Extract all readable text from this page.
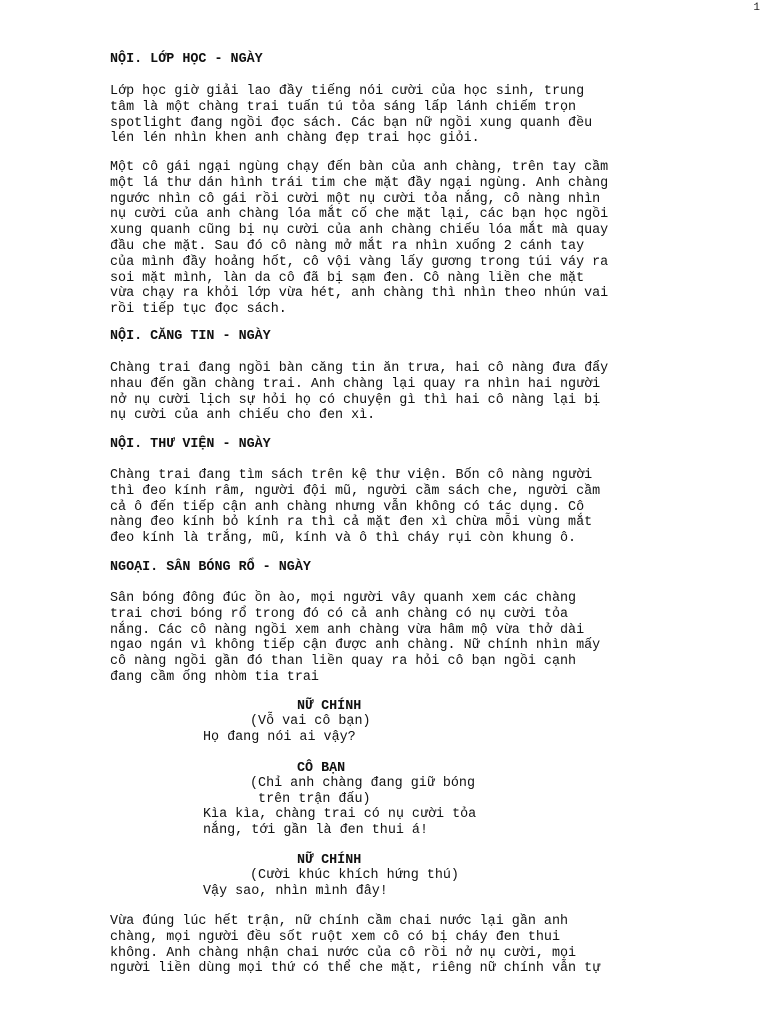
1

NỘI. LỚP HỌC - NGÀY

Lớp học giờ giải lao đầy tiếng nói cười của học sinh, trung
tâm là một chàng trai tuấn tú tỏa sáng lấp lánh chiếm trọn
spotlight đang ngồi đọc sách. Các bạn nữ ngồi xung quanh đều
lén lén nhìn khen anh chàng đẹp trai học giỏi.

Một cô gái ngại ngùng chạy đến bàn của anh chàng, trên tay cầm
một lá thư dán hình trái tim che mặt đầy ngại ngùng. Anh chàng
ngước nhìn cô gái rồi cười một nụ cười tỏa nắng, cô nàng nhìn
nụ cười của anh chàng lóa mắt cố che mặt lại, các bạn học ngồi
xung quanh cũng bị nụ cười của anh chàng chiếu lóa mắt mà quay
đầu che mặt. Sau đó cô nàng mở mắt ra nhìn xuống 2 cánh tay
của mình đầy hoảng hốt, cô vội vàng lấy gương trong túi váy ra
soi mặt mình, làn da cô đã bị sạm đen. Cô nàng liền che mặt
vừa chạy ra khỏi lớp vừa hét, anh chàng thì nhìn theo nhún vai
rồi tiếp tục đọc sách.

NỘI. CĂNG TIN - NGÀY

Chàng trai đang ngồi bàn căng tin ăn trưa, hai cô nàng đưa đẩy
nhau đến gần chàng trai. Anh chàng lại quay ra nhìn hai người
nở nụ cười lịch sự hỏi họ có chuyện gì thì hai cô nàng lại bị
nụ cười của anh chiếu cho đen xì.

NỘI. THƯ VIỆN - NGÀY

Chàng trai đang tìm sách trên kệ thư viện. Bốn cô nàng người
thì đeo kính râm, người đội mũ, người cầm sách che, người cầm
cả ô đến tiếp cận anh chàng nhưng vẫn không có tác dụng. Cô
nàng đeo kính bỏ kính ra thì cả mặt đen xì chừa mỗi vùng mắt
đeo kính là trắng, mũ, kính và ô thì cháy rụi còn khung ô.

NGOẠI. SÂN BÓNG RỔ - NGÀY

Sân bóng đông đúc ồn ào, mọi người vây quanh xem các chàng
trai chơi bóng rổ trong đó có cả anh chàng có nụ cười tỏa
nắng. Các cô nàng ngồi xem anh chàng vừa hâm mộ vừa thở dài
ngao ngán vì không tiếp cận được anh chàng. Nữ chính nhìn mấy
cô nàng ngồi gần đó than liền quay ra hỏi cô bạn ngồi cạnh
đang cầm ống nhòm tia trai

NỮ CHÍNH
(Vỗ vai cô bạn)
Họ đang nói ai vậy?
CÔ BẠN
(Chỉ anh chàng đang giữ bóng
trên trận đấu)
Kìa kìa, chàng trai có nụ cười tỏa
nắng, tới gần là đen thui á!
NỮ CHÍNH
(Cười khúc khích hứng thú)
Vậy sao, nhìn mình đây!

Vừa đúng lúc hết trận, nữ chính cầm chai nước lại gần anh
chàng, mọi người đều sốt ruột xem cô có bị cháy đen thui
không. Anh chàng nhận chai nước của cô rồi nở nụ cười, mọi
người liền dùng mọi thứ có thể che mặt, riêng nữ chính vẫn tự
